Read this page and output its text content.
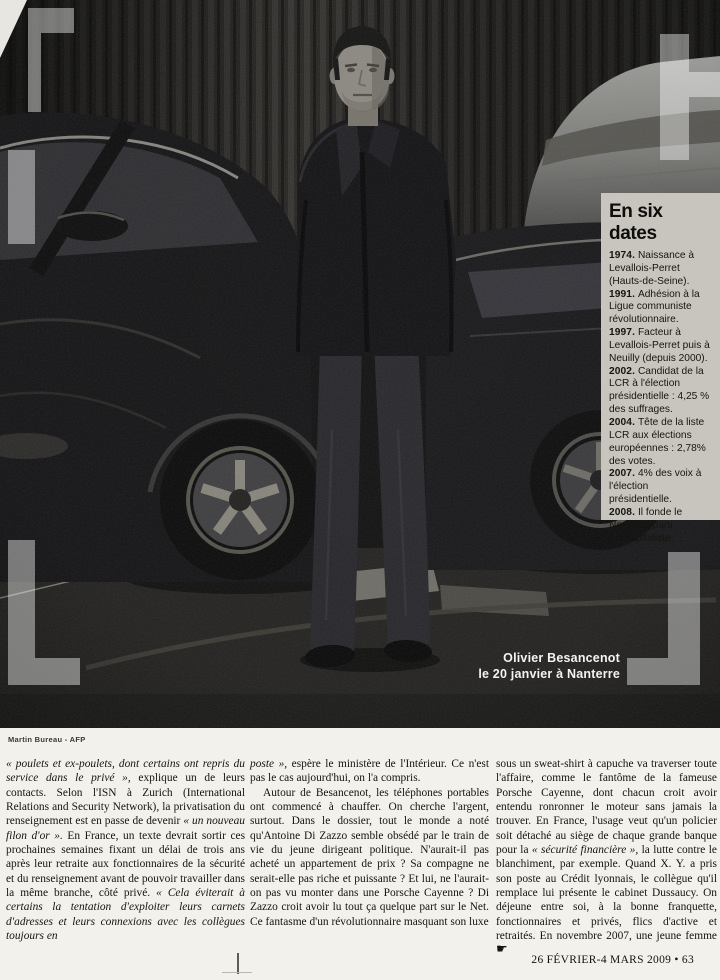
Olivier Besancenot
le 20 janvier à Nanterre
En six dates
1974. Naissance à Levallois-Perret (Hauts-de-Seine).
1991. Adhésion à la Ligue communiste révolutionnaire.
1997. Facteur à Levallois-Perret puis à Neuilly (depuis 2000).
2002. Candidat de la LCR à l'élection présidentielle : 4,25 % des suffrages.
2004. Tête de la liste LCR aux élections européennes : 2,78% des votes.
2007. 4% des voix à l'élection présidentielle.
2008. Il fonde le Nouveau parti anticapitaliste.
Martin Bureau - AFP

« poulets et ex-poulets, dont certains ont repris du service dans le privé », explique un de leurs contacts. Selon l'ISN à Zurich (International Relations and Security Network), la privatisation du renseignement est en passe de devenir « un nouveau filon d'or ». En France, un texte devrait sortir ces prochaines semaines fixant un délai de trois ans après leur retraite aux fonctionnaires de la sécurité et du renseignement avant de pouvoir travailler dans la même branche, côté privé. « Cela éviterait à certains la tentation d'exploiter leurs carnets d'adresses et leurs connexions avec les collègues toujours en

poste », espère le ministère de l'Intérieur. Ce n'est pas le cas aujourd'hui, on l'a compris.

Autour de Besancenot, les téléphones portables ont commencé à chauffer. On cherche l'argent, surtout. Dans le dossier, tout le monde a noté qu'Antoine Di Zazzo semble obsédé par le train de vie du jeune dirigeant politique. N'aurait-il pas acheté un appartement de prix ? Sa compagne ne serait-elle pas riche et puissante ? Et lui, ne l'aurait-on pas vu monter dans une Porsche Cayenne ? Di Zazzo croit avoir lu tout ça quelque part sur le Net. Ce fantasme d'un révolutionnaire masquant son luxe

sous un sweat-shirt à capuche va traverser toute l'affaire, comme le fantôme de la fameuse Porsche Cayenne, dont chacun croit avoir entendu ronronner le moteur sans jamais la trouver. En France, l'usage veut qu'un policier soit détaché au siège de chaque grande banque pour la « sécurité financière », la lutte contre le blanchiment, par exemple. Quand X. Y. a pris son poste au Crédit lyonnais, le collègue qu'il remplace lui présente le cabinet Dussaucy. On déjeune entre soi, à la bonne franquette, fonctionnaires et privés, flics d'active et retraités. En novembre 2007, une jeune femme ☛

26 FÉVRIER-4 MARS 2009 • 63
